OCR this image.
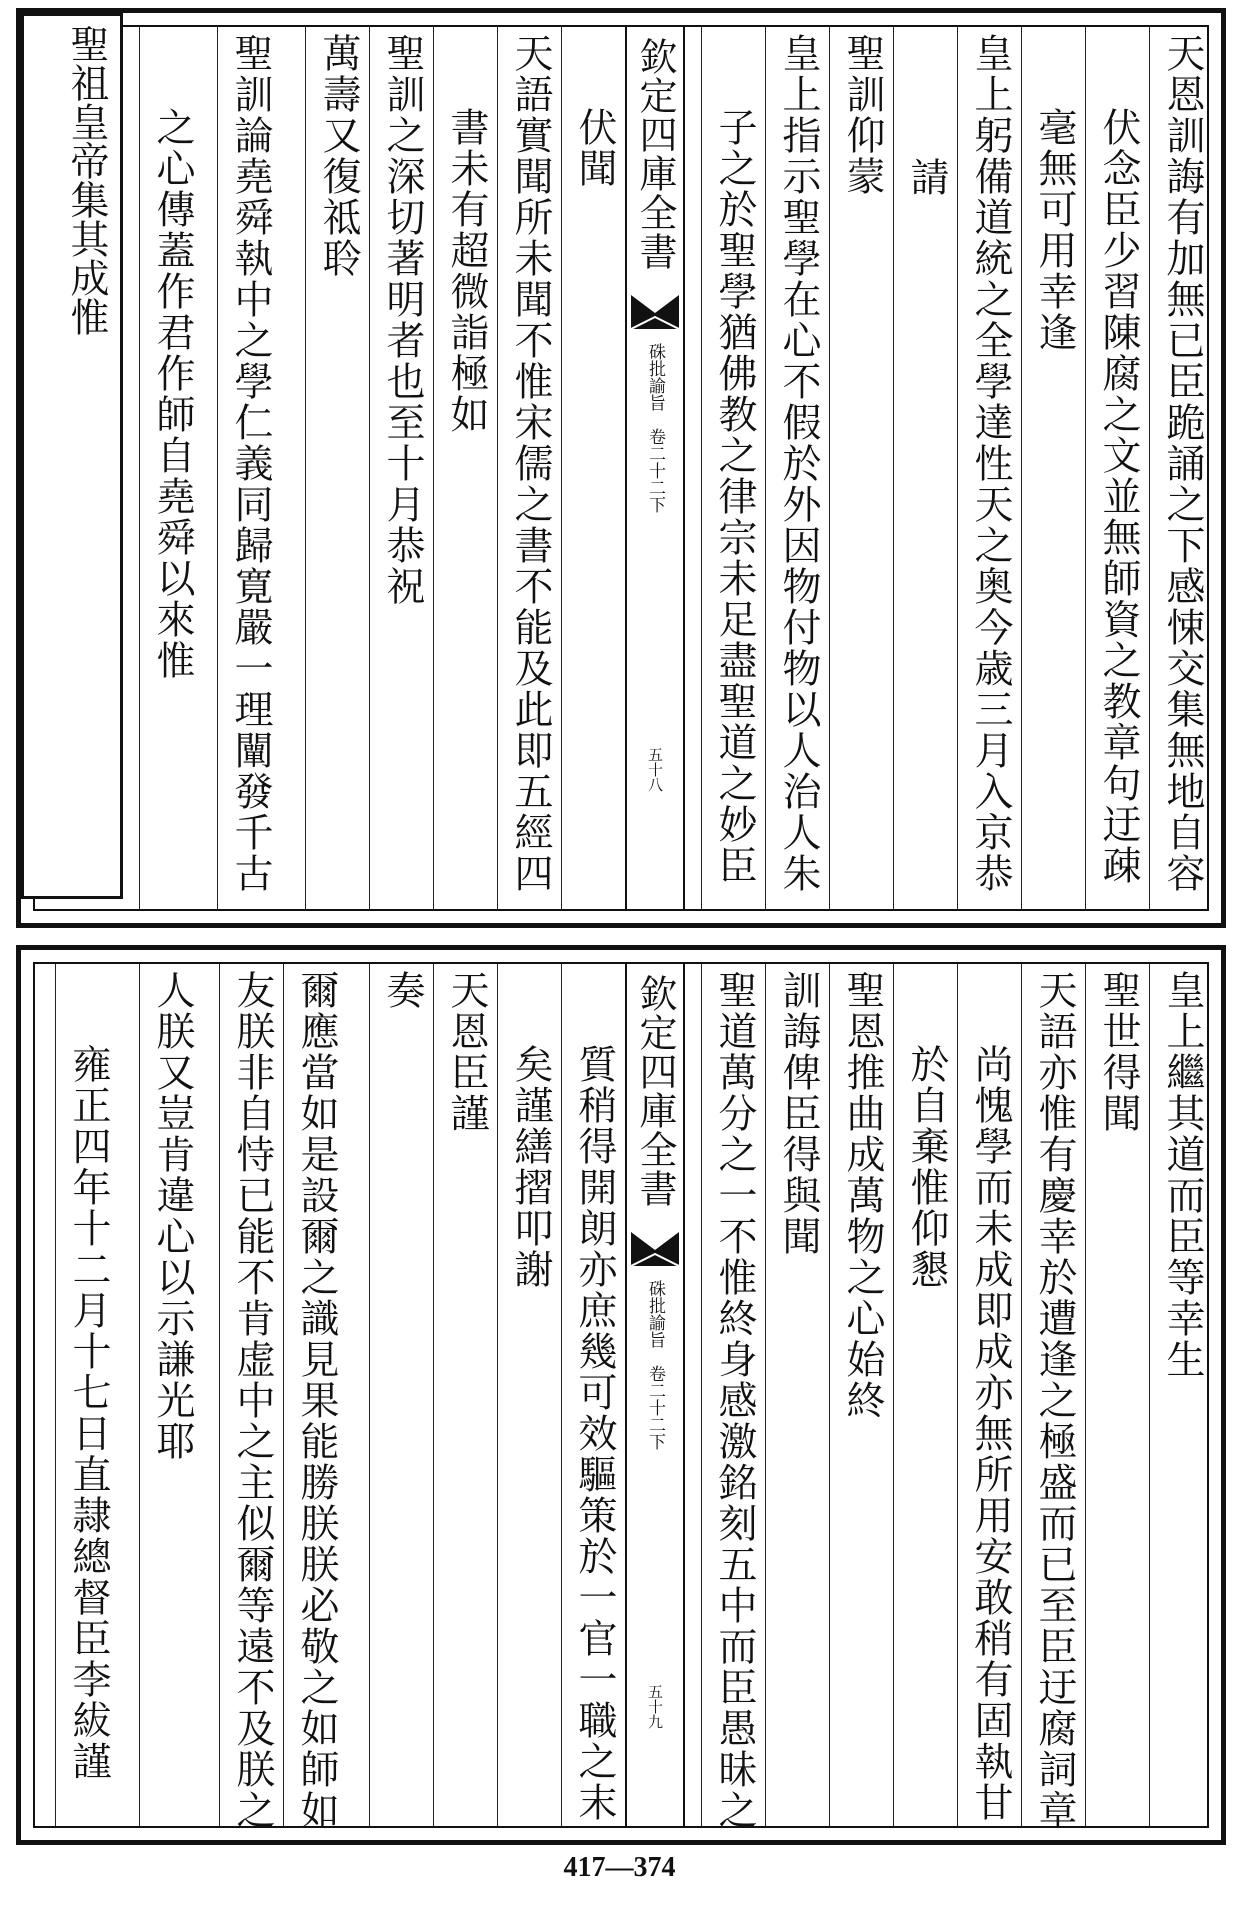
天恩訓誨有加無已臣跪誦之下感悚交集無地自容
伏念臣少習陳腐之文並無師資之教章句迂疎
毫無可用幸逢
皇上躬備道統之全學達性天之奥今歳三月入京恭
請
聖訓仰蒙
皇上指示聖學在心不假於外因物付物以人治人朱
子之於聖學猶佛教之律宗未足盡聖道之妙臣
欽定四庫全書
硃批諭旨　卷二十二下
五十八
伏聞
天語實聞所未聞不惟宋儒之書不能及此即五經四
書未有超微詣極如
聖訓之深切著明者也至十月恭祝
萬壽又復祗聆
聖訓論堯舜執中之學仁義同歸寛嚴一理闡發千古
之心傳蓋作君作師自堯舜以來惟
聖祖皇帝集其成惟
皇上繼其道而臣等幸生
聖世得聞
天語亦惟有慶幸於遭逢之極盛而已至臣迂腐詞章
尚愧學而未成即成亦無所用安敢稍有固執甘
於自棄惟仰懇
聖恩推曲成萬物之心始終
訓誨俾臣得與聞
聖道萬分之一不惟終身感激銘刻五中而臣愚昧之
欽定四庫全書
硃批諭旨　卷二十二下
五十九
質稍得開朗亦庶幾可效驅策於一官一職之末
矣謹繕摺叩謝
天恩臣謹
奏
爾應當如是設爾之識見果能勝朕朕必敬之如師如
友朕非自恃已能不肯虚中之主似爾等遠不及朕之
人朕又豈肯違心以示謙光耶
雍正四年十二月十七日直隷總督臣李紱謹
417—374
